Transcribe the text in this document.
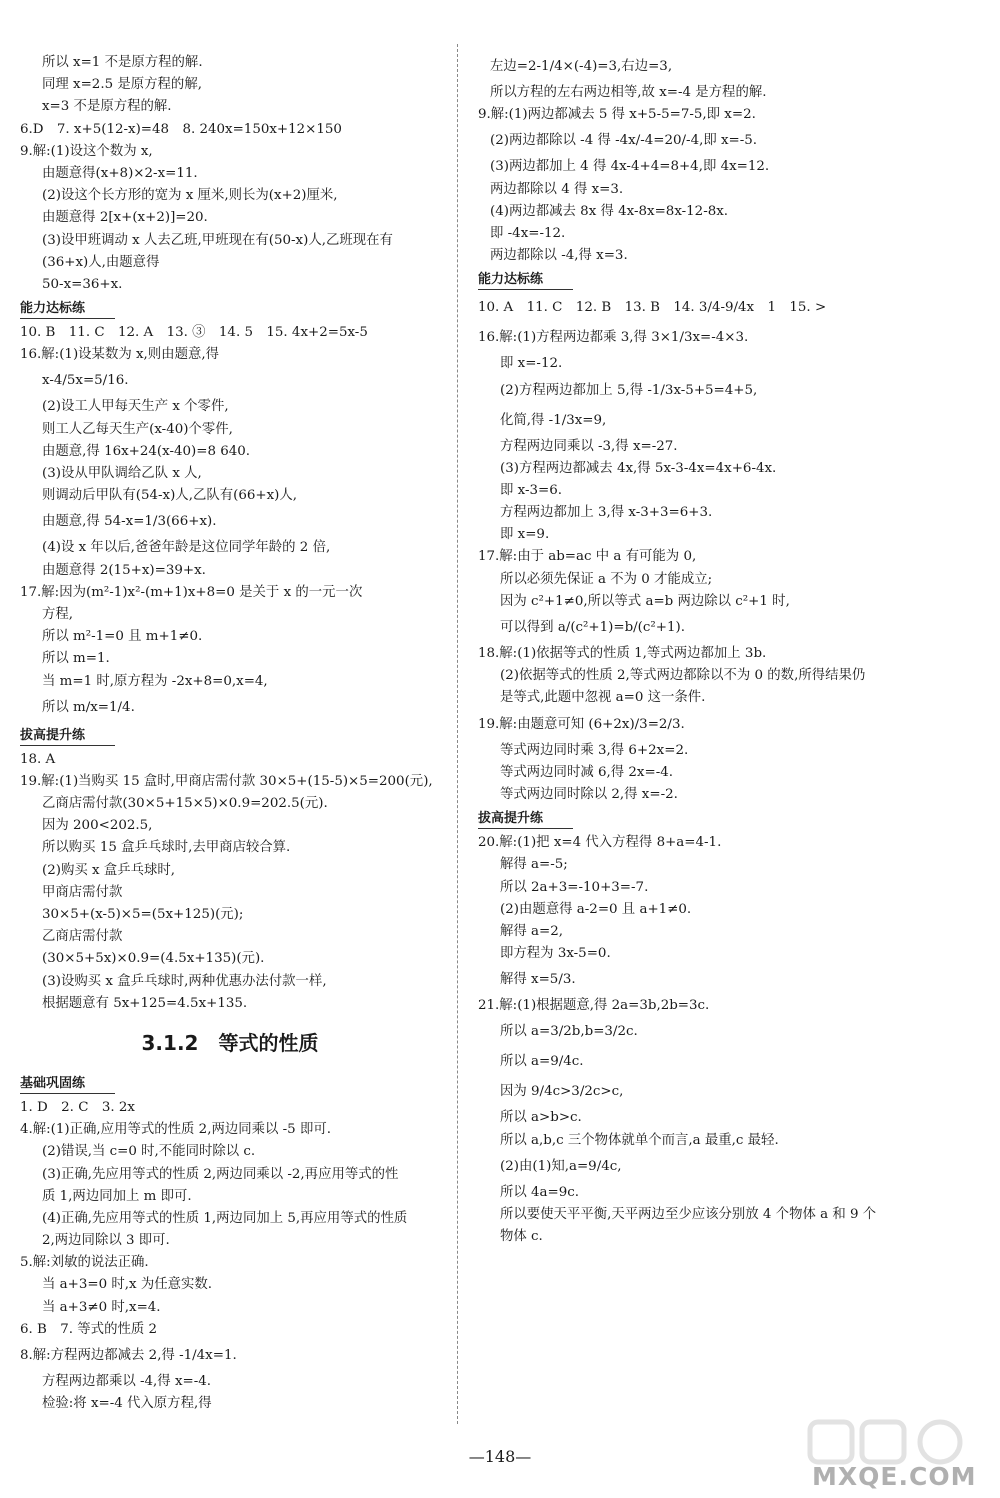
所以 x=1 不是原方程的解.
同理 x=2.5 是原方程的解,
x=3 不是原方程的解.
6.D　7. x+5(12-x)=48　8. 240x=150x+12×150
9.解:(1)设这个数为 x,
由题意得(x+8)×2-x=11.
(2)设这个长方形的宽为 x 厘米,则长为(x+2)厘米,
由题意得 2[x+(x+2)]=20.
(3)设甲班调动 x 人去乙班,甲班现在有(50-x)人,乙班现在有
(36+x)人,由题意得
50-x=36+x.
能力达标练
10. B　11. C　12. A　13. ③　14. 5　15. 4x+2=5x-5
16.解:(1)设某数为 x,则由题意,得
x-4/5x=5/16.
(2)设工人甲每天生产 x 个零件,
则工人乙每天生产(x-40)个零件,
由题意,得 16x+24(x-40)=8 640.
(3)设从甲队调给乙队 x 人,
则调动后甲队有(54-x)人,乙队有(66+x)人,
由题意,得 54-x=1/3(66+x).
(4)设 x 年以后,爸爸年龄是这位同学年龄的 2 倍,
由题意得 2(15+x)=39+x.
17.解:因为(m²-1)x²-(m+1)x+8=0 是关于 x 的一元一次
方程,
所以 m²-1=0 且 m+1≠0.
所以 m=1.
当 m=1 时,原方程为 -2x+8=0,x=4,
所以 m/x=1/4.
拔高提升练
18. A
19.解:(1)当购买 15 盒时,甲商店需付款 30×5+(15-5)×5=200(元),
乙商店需付款(30×5+15×5)×0.9=202.5(元).
因为 200<202.5,
所以购买 15 盒乒乓球时,去甲商店较合算.
(2)购买 x 盒乒乓球时,
甲商店需付款
30×5+(x-5)×5=(5x+125)(元);
乙商店需付款
(30×5+5x)×0.9=(4.5x+135)(元).
(3)设购买 x 盒乒乓球时,两种优惠办法付款一样,
根据题意有 5x+125=4.5x+135.
3.1.2　等式的性质
基础巩固练
1. D　2. C　3. 2x
4.解:(1)正确,应用等式的性质 2,两边同乘以 -5 即可.
(2)错误,当 c=0 时,不能同时除以 c.
(3)正确,先应用等式的性质 2,两边同乘以 -2,再应用等式的性
质 1,两边同加上 m 即可.
(4)正确,先应用等式的性质 1,两边同加上 5,再应用等式的性质
2,两边同除以 3 即可.
5.解:刘敏的说法正确.
当 a+3=0 时,x 为任意实数.
当 a+3≠0 时,x=4.
6. B　7. 等式的性质 2
8.解:方程两边都减去 2,得 -1/4x=1.
方程两边都乘以 -4,得 x=-4.
检验:将 x=-4 代入原方程,得
左边=2-1/4×(-4)=3,右边=3,
所以方程的左右两边相等,故 x=-4 是方程的解.
9.解:(1)两边都减去 5 得 x+5-5=7-5,即 x=2.
(2)两边都除以 -4 得 -4x/-4=20/-4,即 x=-5.
(3)两边都加上 4 得 4x-4+4=8+4,即 4x=12.
两边都除以 4 得 x=3.
(4)两边都减去 8x 得 4x-8x=8x-12-8x.
即 -4x=-12.
两边都除以 -4,得 x=3.
能力达标练
10. A　11. C　12. B　13. B　14. 3/4-9/4x　1　15. >
16.解:(1)方程两边都乘 3,得 3×1/3x=-4×3.
即 x=-12.
(2)方程两边都加上 5,得 -1/3x-5+5=4+5,
化简,得 -1/3x=9,
方程两边同乘以 -3,得 x=-27.
(3)方程两边都减去 4x,得 5x-3-4x=4x+6-4x.
即 x-3=6.
方程两边都加上 3,得 x-3+3=6+3.
即 x=9.
17.解:由于 ab=ac 中 a 有可能为 0,
所以必须先保证 a 不为 0 才能成立;
因为 c²+1≠0,所以等式 a=b 两边除以 c²+1 时,
可以得到 a/(c²+1)=b/(c²+1).
18.解:(1)依据等式的性质 1,等式两边都加上 3b.
(2)依据等式的性质 2,等式两边都除以不为 0 的数,所得结果仍
是等式,此题中忽视 a=0 这一条件.
19.解:由题意可知 (6+2x)/3=2/3.
等式两边同时乘 3,得 6+2x=2.
等式两边同时减 6,得 2x=-4.
等式两边同时除以 2,得 x=-2.
拔高提升练
20.解:(1)把 x=4 代入方程得 8+a=4-1.
解得 a=-5;
所以 2a+3=-10+3=-7.
(2)由题意得 a-2=0 且 a+1≠0.
解得 a=2,
即方程为 3x-5=0.
解得 x=5/3.
21.解:(1)根据题意,得 2a=3b,2b=3c.
所以 a=3/2b,b=3/2c.
所以 a=9/4c.
因为 9/4c>3/2c>c,
所以 a>b>c.
所以 a,b,c 三个物体就单个而言,a 最重,c 最轻.
(2)由(1)知,a=9/4c,
所以 4a=9c.
所以要使天平平衡,天平两边至少应该分别放 4 个物体 a 和 9 个
物体 c.
—148—
MXQE.COM
